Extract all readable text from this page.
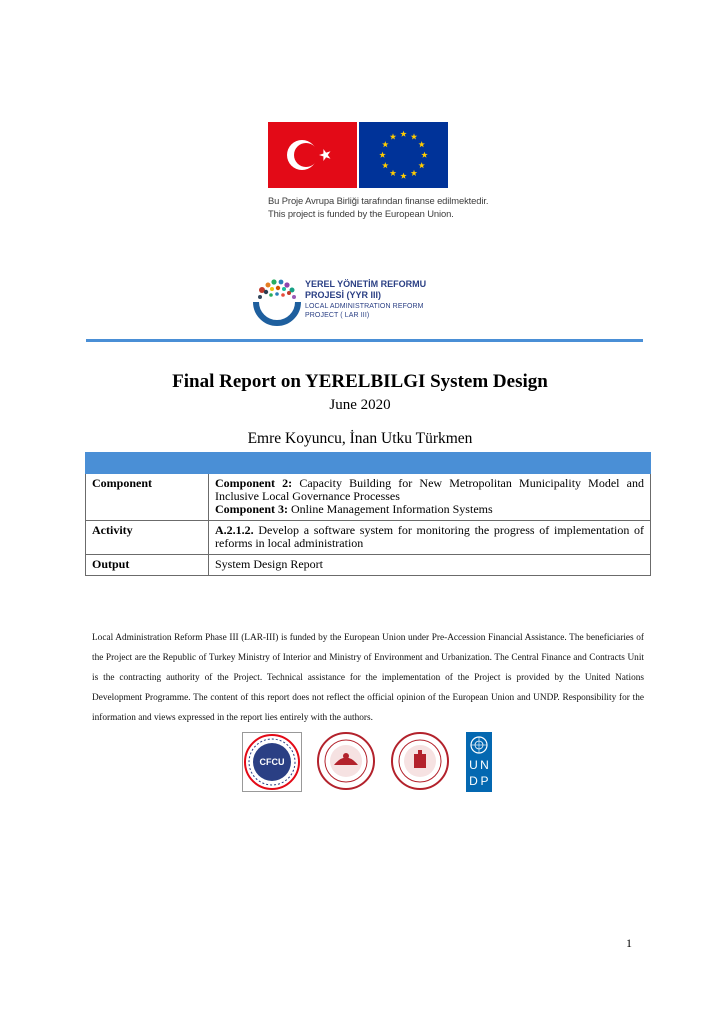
Bu Proje Avrupa Birliği tarafından finanse edilmektedir.
This project is funded by the European Union.
YEREL YÖNETİM REFORMU
PROJESİ (YYR III)
LOCAL ADMINISTRATION REFORM
PROJECT ( LAR III)
Final Report on YERELBILGI System Design
June 2020
Emre Koyuncu, İnan Utku Türkmen

Component	Component 2: Capacity Building for New Metropolitan Municipality Model and Inclusive Local Governance Processes
Component 3: Online Management Information Systems

Activity	A.2.1.2. Develop a software system for monitoring the progress of implementation of reforms in local administration
Output	System Design Report
Local Administration Reform Phase III (LAR-III) is funded by the European Union under Pre-Accession Financial Assistance. The beneficiaries of the Project are the Republic of Turkey Ministry of Interior and Ministry of Environment and Urbanization. The Central Finance and Contracts Unit is the contracting authority of the Project. Technical assistance for the implementation of the Project is provided by the United Nations Development Programme. The content of this report does not reflect the official opinion of the European Union and UNDP. Responsibility for the information and views expressed in the report lies entirely with the authors.
CFCU	U N
D P
1
